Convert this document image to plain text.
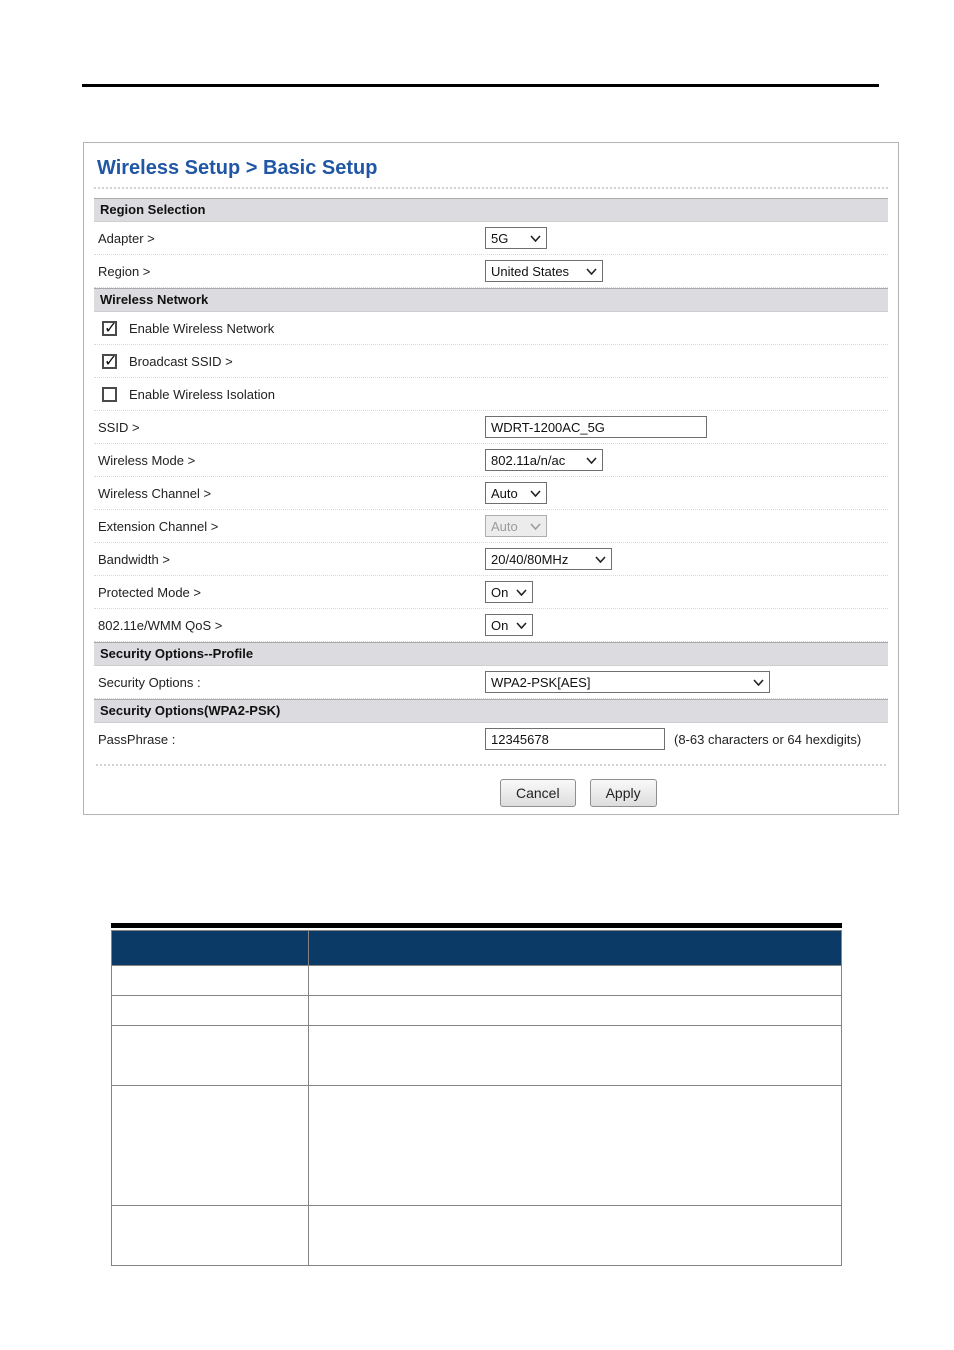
Wireless Setup > Basic Setup
Region Selection
Adapter >	5G
Region >	United States
Wireless Network
✓ Enable Wireless Network
✓ Broadcast SSID >
Enable Wireless Isolation
SSID >
WDRT-1200AC_5G
Wireless Mode >	802.11a/n/ac
Wireless Channel >	Auto
Extension Channel >	Auto
Bandwidth >	20/40/80MHz
Protected Mode >	On
802.11e/WMM QoS >	On
Security Options--Profile
Security Options :	WPA2-PSK[AES]
Security Options(WPA2-PSK)
PassPhrase :
12345678	(8-63 characters or 64 hexdigits)
Cancel	Apply
